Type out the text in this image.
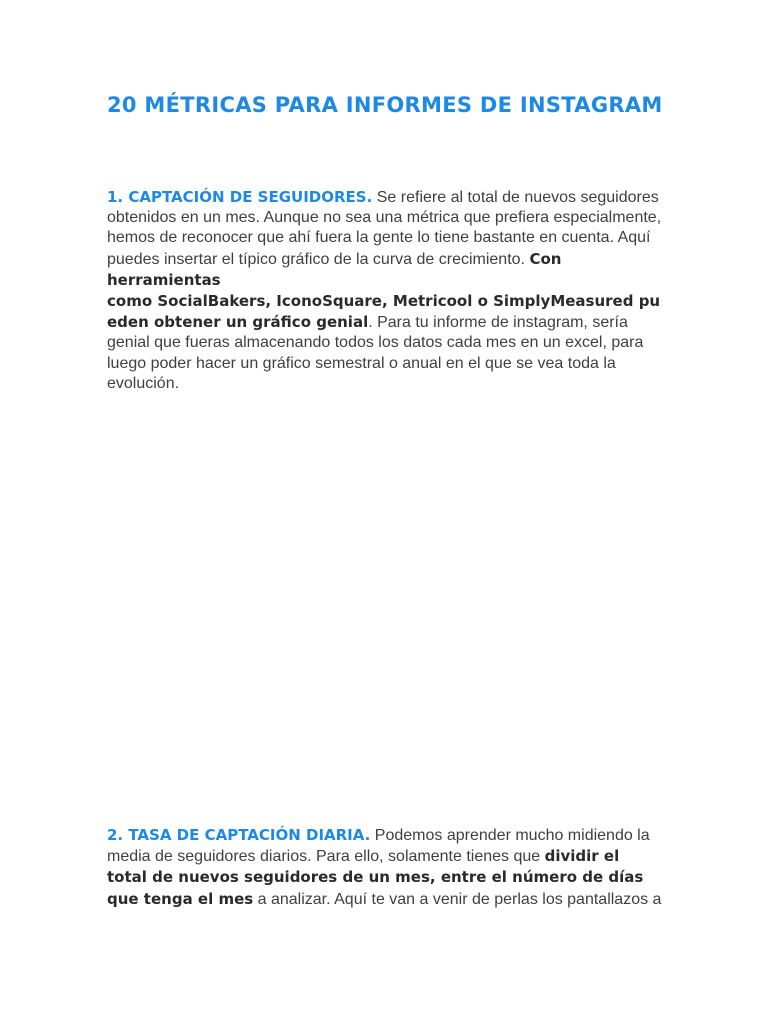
20 MÉTRICAS PARA INFORMES DE INSTAGRAM

1. CAPTACIÓN DE SEGUIDORES. Se refiere al total de nuevos seguidores obtenidos en un mes. Aunque no sea una métrica que prefiera especialmente, hemos de reconocer que ahí fuera la gente lo tiene bastante en cuenta. Aquí puedes insertar el típico gráfico de la curva de crecimiento. Con herramientas
como SocialBakers, IconoSquare, Metricool o SimplyMeasured pueden obtener un gráfico genial. Para tu informe de instagram, sería genial que fueras almacenando todos los datos cada mes en un excel, para luego poder hacer un gráfico semestral o anual en el que se vea toda la evolución.

2. TASA DE CAPTACIÓN DIARIA. Podemos aprender mucho midiendo la media de seguidores diarios. Para ello, solamente tienes que dividir el total de nuevos seguidores de un mes, entre el número de días que tenga el mes a analizar. Aquí te van a venir de perlas los pantallazos a
